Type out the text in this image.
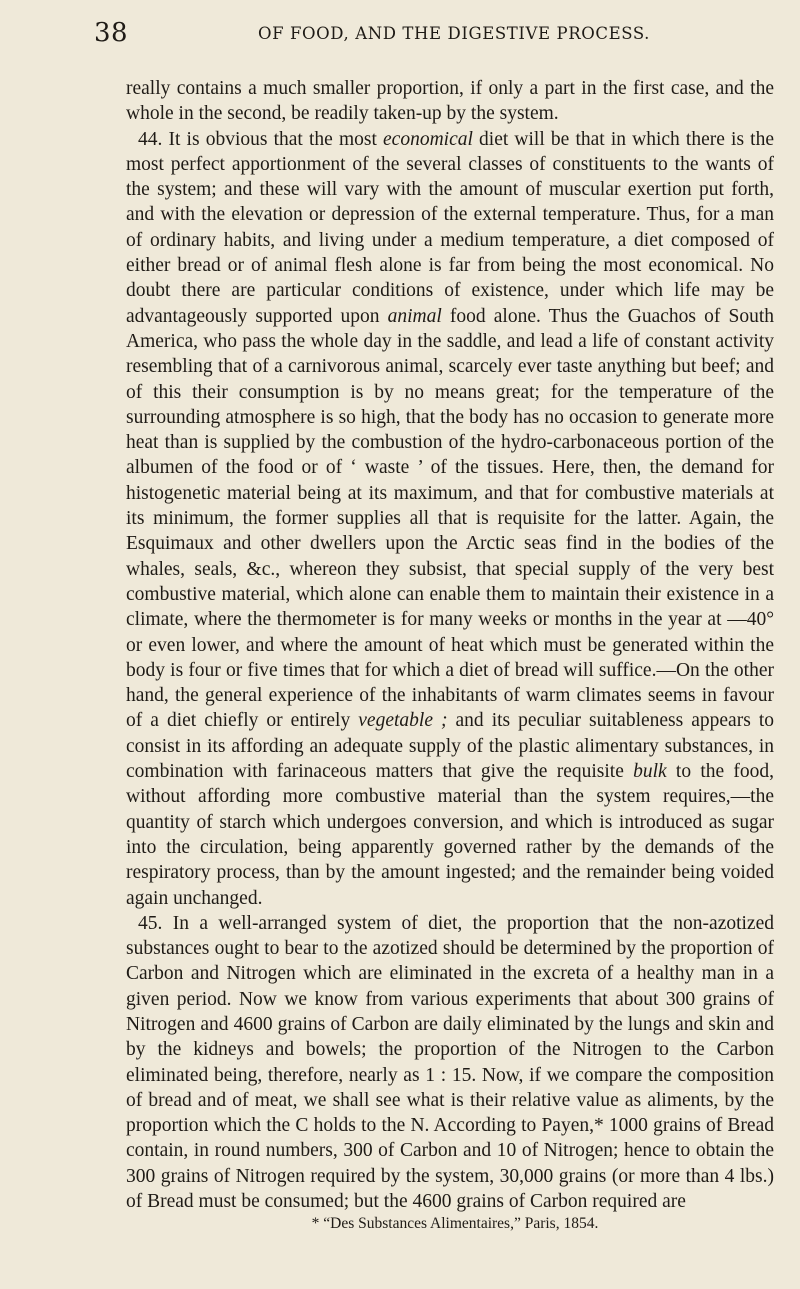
38	OF FOOD, AND THE DIGESTIVE PROCESS.

really contains a much smaller proportion, if only a part in the first case, and the whole in the second, be readily taken-up by the system.

44. It is obvious that the most economical diet will be that in which there is the most perfect apportionment of the several classes of constituents to the wants of the system; and these will vary with the amount of muscular exertion put forth, and with the elevation or depression of the external temperature. Thus, for a man of ordinary habits, and living under a medium temperature, a diet composed of either bread or of animal flesh alone is far from being the most economical. No doubt there are particular conditions of existence, under which life may be advantageously supported upon animal food alone. Thus the Guachos of South America, who pass the whole day in the saddle, and lead a life of constant activity resembling that of a carnivorous animal, scarcely ever taste anything but beef; and of this their consumption is by no means great; for the temperature of the surrounding atmosphere is so high, that the body has no occasion to generate more heat than is supplied by the combustion of the hydro-carbonaceous portion of the albumen of the food or of ‘ waste ’ of the tissues. Here, then, the demand for histogenetic material being at its maximum, and that for combustive materials at its minimum, the former supplies all that is requisite for the latter. Again, the Esquimaux and other dwellers upon the Arctic seas find in the bodies of the whales, seals, &c., whereon they subsist, that special supply of the very best combustive material, which alone can enable them to maintain their existence in a climate, where the thermometer is for many weeks or months in the year at —40° or even lower, and where the amount of heat which must be generated within the body is four or five times that for which a diet of bread will suffice.—On the other hand, the general experience of the inhabitants of warm climates seems in favour of a diet chiefly or entirely vegetable ; and its peculiar suitableness appears to consist in its affording an adequate supply of the plastic alimentary substances, in combination with farinaceous matters that give the requisite bulk to the food, without affording more combustive material than the system requires,—the quantity of starch which undergoes conversion, and which is introduced as sugar into the circulation, being apparently governed rather by the demands of the respiratory process, than by the amount ingested; and the remainder being voided again unchanged.

45. In a well-arranged system of diet, the proportion that the non-azotized substances ought to bear to the azotized should be determined by the proportion of Carbon and Nitrogen which are eliminated in the excreta of a healthy man in a given period. Now we know from various experiments that about 300 grains of Nitrogen and 4600 grains of Carbon are daily eliminated by the lungs and skin and by the kidneys and bowels; the proportion of the Nitrogen to the Carbon eliminated being, therefore, nearly as 1 : 15. Now, if we compare the composition of bread and of meat, we shall see what is their relative value as aliments, by the proportion which the C holds to the N. According to Payen,* 1000 grains of Bread contain, in round numbers, 300 of Carbon and 10 of Nitrogen; hence to obtain the 300 grains of Nitrogen required by the system, 30,000 grains (or more than 4 lbs.) of Bread must be consumed; but the 4600 grains of Carbon required are

* “Des Substances Alimentaires,” Paris, 1854.
